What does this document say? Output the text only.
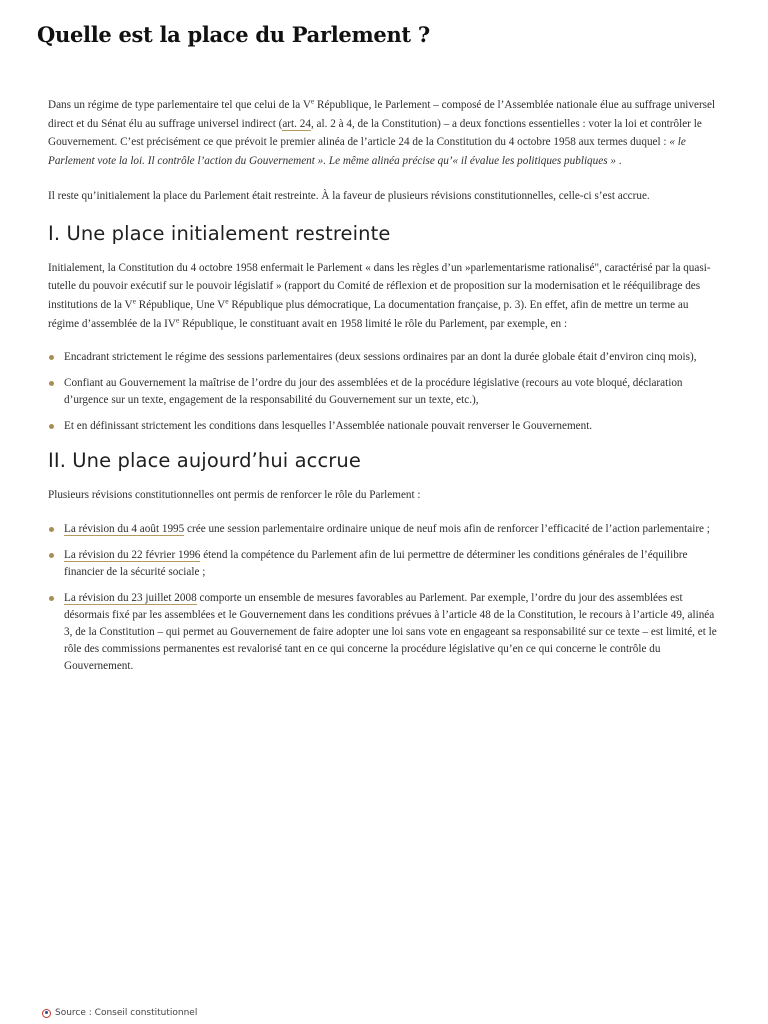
Quelle est la place du Parlement ?

Dans un régime de type parlementaire tel que celui de la Ve République, le Parlement – composé de l’Assemblée nationale élue au suffrage universel direct et du Sénat élu au suffrage universel indirect (art. 24, al. 2 à 4, de la Constitution) – a deux fonctions essentielles : voter la loi et contrôler le Gouvernement. C’est précisément ce que prévoit le premier alinéa de l’article 24 de la Constitution du 4 octobre 1958 aux termes duquel : « le Parlement vote la loi. Il contrôle l’action du Gouvernement ». Le même alinéa précise qu’« il évalue les politiques publiques » .

Il reste qu’initialement la place du Parlement était restreinte. À la faveur de plusieurs révisions constitutionnelles, celle-ci s’est accrue.

I. Une place initialement restreinte

Initialement, la Constitution du 4 octobre 1958 enfermait le Parlement « dans les règles d’un »parlementarisme rationalisé", caractérisé par la quasi-tutelle du pouvoir exécutif sur le pouvoir législatif » (rapport du Comité de réflexion et de proposition sur la modernisation et le rééquilibrage des institutions de la Ve République, Une Ve République plus démocratique, La documentation française, p. 3). En effet, afin de mettre un terme au régime d’assemblée de la IVe République, le constituant avait en 1958 limité le rôle du Parlement, par exemple, en :

Encadrant strictement le régime des sessions parlementaires (deux sessions ordinaires par an dont la durée globale était d’environ cinq mois),
Confiant au Gouvernement la maîtrise de l’ordre du jour des assemblées et de la procédure législative (recours au vote bloqué, déclaration d’urgence sur un texte, engagement de la responsabilité du Gouvernement sur un texte, etc.),
Et en définissant strictement les conditions dans lesquelles l’Assemblée nationale pouvait renverser le Gouvernement.
II. Une place aujourd’hui accrue

Plusieurs révisions constitutionnelles ont permis de renforcer le rôle du Parlement :

La révision du 4 août 1995 crée une session parlementaire ordinaire unique de neuf mois afin de renforcer l’efficacité de l’action parlementaire ;
La révision du 22 février 1996 étend la compétence du Parlement afin de lui permettre de déterminer les conditions générales de l’équilibre financier de la sécurité sociale ;
La révision du 23 juillet 2008 comporte un ensemble de mesures favorables au Parlement. Par exemple, l’ordre du jour des assemblées est désormais fixé par les assemblées et le Gouvernement dans les conditions prévues à l’article 48 de la Constitution, le recours à l’article 49, alinéa 3, de la Constitution – qui permet au Gouvernement de faire adopter une loi sans vote en engageant sa responsabilité sur ce texte – est limité, et le rôle des commissions permanentes est revalorisé tant en ce qui concerne la procédure législative qu’en ce qui concerne le contrôle du Gouvernement.
Source : Conseil constitutionnel
